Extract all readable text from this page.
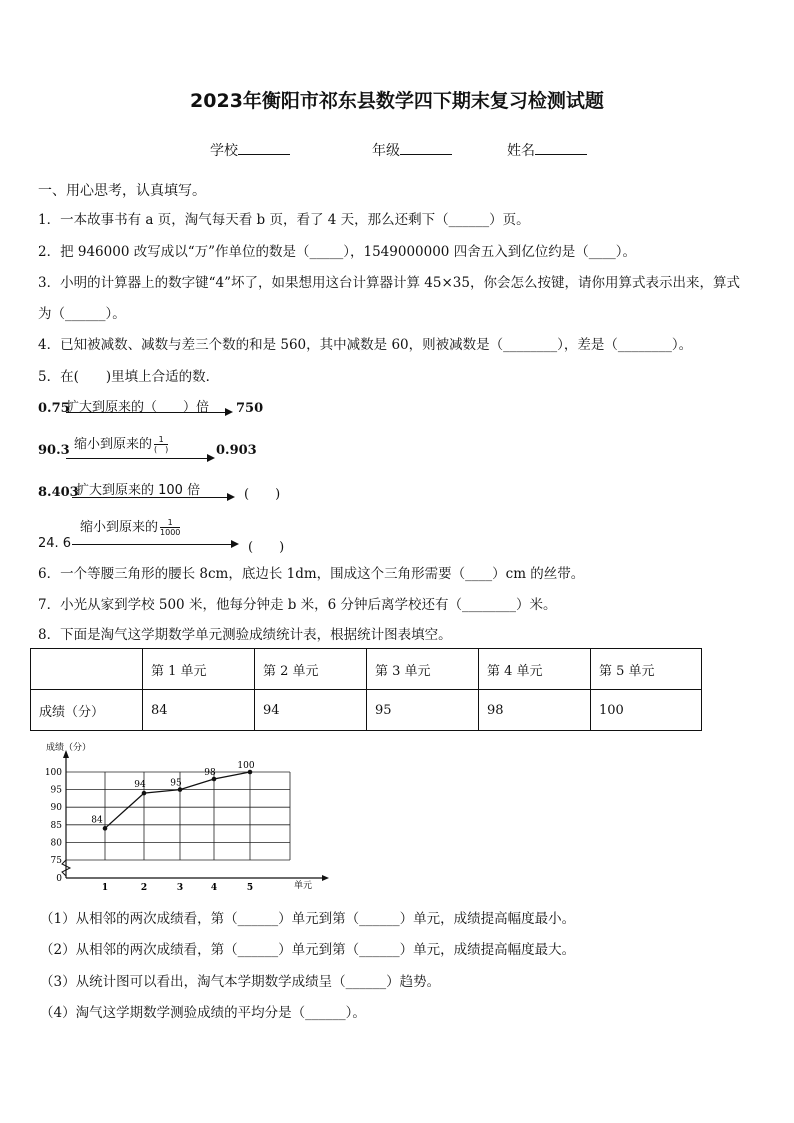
2023年衡阳市祁东县数学四下期末复习检测试题
学校	年级	姓名
一、用心思考，认真填写。
1．一本故事书有 a 页，淘气每天看 b 页，看了 4 天，那么还剩下（______）页。
2．把 946000 改写成以“万”作单位的数是（_____），1549000000 四舍五入到亿位约是（____）。
3．小明的计算器上的数字键“4”坏了，如果想用这台计算器计算 45×35，你会怎么按键，请你用算式表示出来，算式
为（______）。
4．已知被减数、减数与差三个数的和是 560，其中减数是 60，则被减数是（________），差是（________）。
5．在(　　)里填上合适的数．
0.75
扩大到原来的（　　）倍 750
90.3 缩小到原来的 $\frac{1}{( )}$	0.903
8.403
扩大到原来的 100 倍	(　　)
缩小到原来的 $\frac{1}{1000}$
24. 6	(　　)
6．一个等腰三角形的腰长 8cm，底边长 1dm，围成这个三角形需要（____）cm 的丝带。
7．小光从家到学校 500 米，他每分钟走 b 米，6 分钟后离学校还有（________）米。
8．下面是淘气这学期数学单元测验成绩统计表，根据统计图表填空。
	第 1 单元	第 2 单元	第 3 单元	第 4 单元	第 5 单元
成绩（分）	84	94	95	98	100
0
75
80
85
90
95
100
1	2	3	4	5
成绩（分）
单元
84
94	95
98
100
（1）从相邻的两次成绩看，第（______）单元到第（______）单元，成绩提高幅度最小。
（2）从相邻的两次成绩看，第（______）单元到第（______）单元，成绩提高幅度最大。
（3）从统计图可以看出，淘气本学期数学成绩呈（______）趋势。
（4）淘气这学期数学测验成绩的平均分是（______）。
